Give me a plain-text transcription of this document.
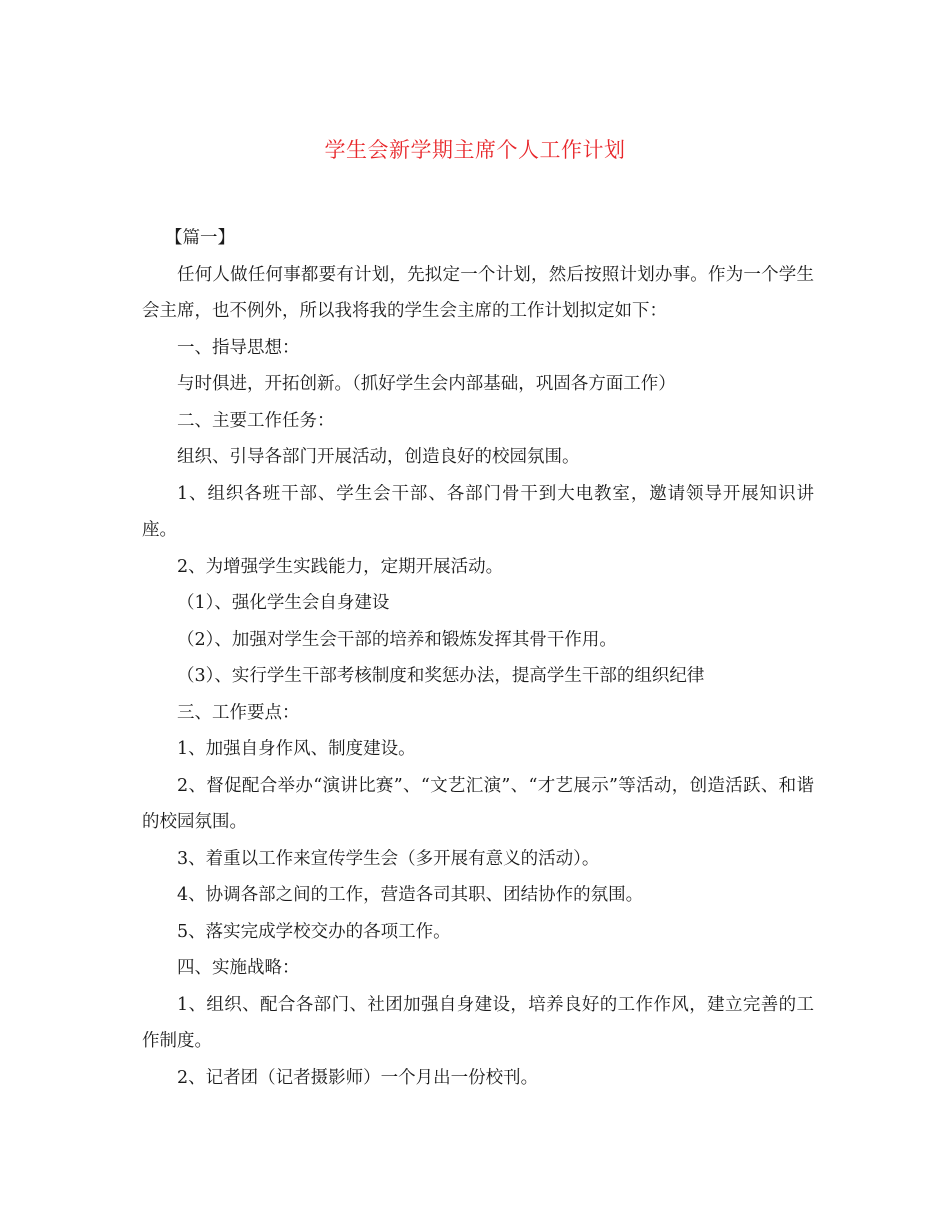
学生会新学期主席个人工作计划

【篇一】

任何人做任何事都要有计划，先拟定一个计划，然后按照计划办事。作为一个学生会主席，也不例外，所以我将我的学生会主席的工作计划拟定如下：

一、指导思想：

与时俱进，开拓创新。（抓好学生会内部基础，巩固各方面工作）

二、主要工作任务：

组织、引导各部门开展活动，创造良好的校园氛围。

1、组织各班干部、学生会干部、各部门骨干到大电教室，邀请领导开展知识讲座。

2、为增强学生实践能力，定期开展活动。

（1）、强化学生会自身建设

（2）、加强对学生会干部的培养和锻炼发挥其骨干作用。

（3）、实行学生干部考核制度和奖惩办法，提高学生干部的组织纪律

三、工作要点：

1、加强自身作风、制度建设。

2、督促配合举办“演讲比赛”、“文艺汇演”、“才艺展示”等活动，创造活跃、和谐的校园氛围。

3、着重以工作来宣传学生会（多开展有意义的活动）。

4、协调各部之间的工作，营造各司其职、团结协作的氛围。

5、落实完成学校交办的各项工作。

四、实施战略：

1、组织、配合各部门、社团加强自身建设，培养良好的工作作风，建立完善的工作制度。

2、记者团（记者摄影师）一个月出一份校刊。
